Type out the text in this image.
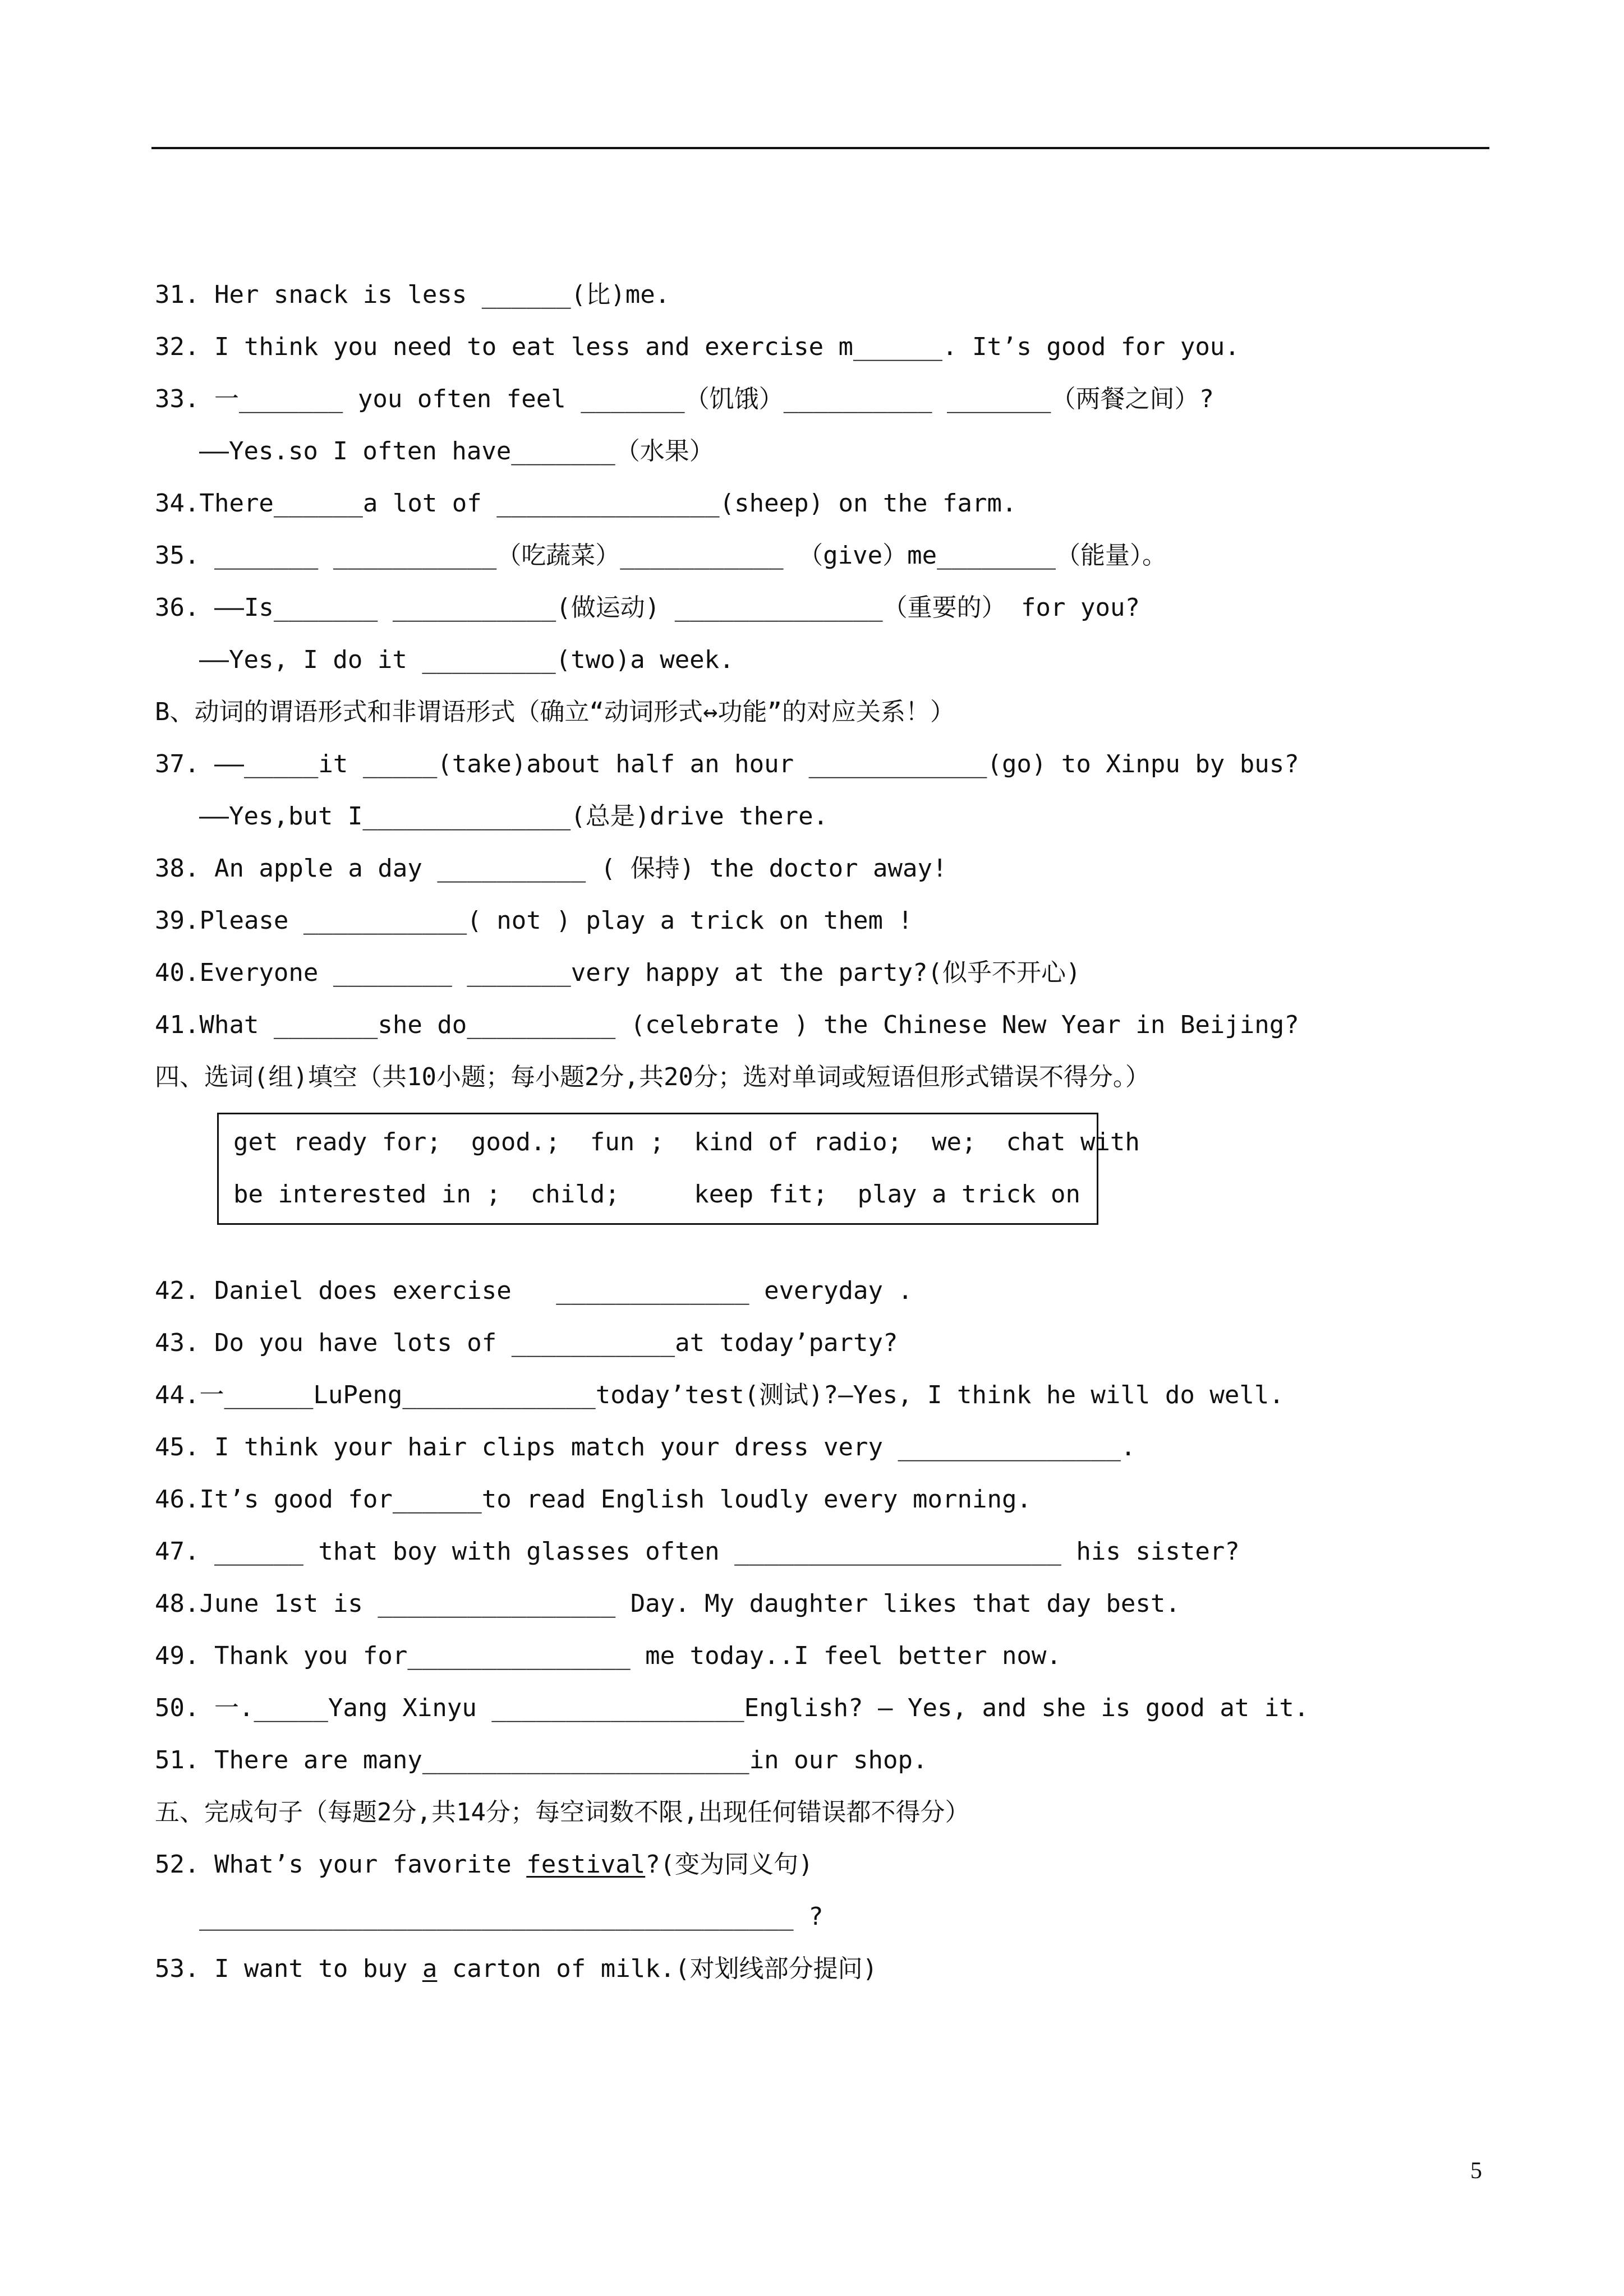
31. Her snack is less ______(比)me.
32. I think you need to eat less and exercise m______. It’s good for you.
33. 一_______ you often feel _______（饥饿）__________ _______（两餐之间）?
——Yes.so I often have_______（水果）
34.There______a lot of _______________(sheep) on the farm.
35. _______ ___________（吃蔬菜）___________ （give）me________（能量）。
36. ——Is_______ ___________(做运动) ______________（重要的） for you?
——Yes, I do it _________(two)a week.
B、动词的谓语形式和非谓语形式（确立“动词形式↔功能”的对应关系！）
37. ——_____it _____(take)about half an hour ____________(go) to Xinpu by bus?
——Yes,but I______________(总是)drive there.
38. An apple a day __________ ( 保持) the doctor away!
39.Please ___________( not ) play a trick on them !
40.Everyone ________ _______very happy at the party?(似乎不开心)
41.What _______she do__________ (celebrate ) the Chinese New Year in Beijing?
四、选词(组)填空（共10小题；每小题2分,共20分；选对单词或短语但形式错误不得分。）
get ready for;  good.;  fun ;  kind of radio;  we;  chat with
be interested in ;  child;     keep fit;  play a trick on
42. Daniel does exercise   _____________ everyday .
43. Do you have lots of ___________at today’party?
44.一______LuPeng_____________today’test(测试)?—Yes, I think he will do well.
45. I think your hair clips match your dress very _______________.
46.It’s good for______to read English loudly every morning.
47. ______ that boy with glasses often ______________________ his sister?
48.June 1st is ________________ Day. My daughter likes that day best.
49. Thank you for_______________ me today..I feel better now.
50. 一._____Yang Xinyu _________________English? — Yes, and she is good at it.
51. There are many______________________in our shop.
五、完成句子（每题2分,共14分；每空词数不限,出现任何错误都不得分）
52. What’s your favorite festival?(变为同义句)
________________________________________ ?
53. I want to buy a carton of milk.(对划线部分提问)
5
